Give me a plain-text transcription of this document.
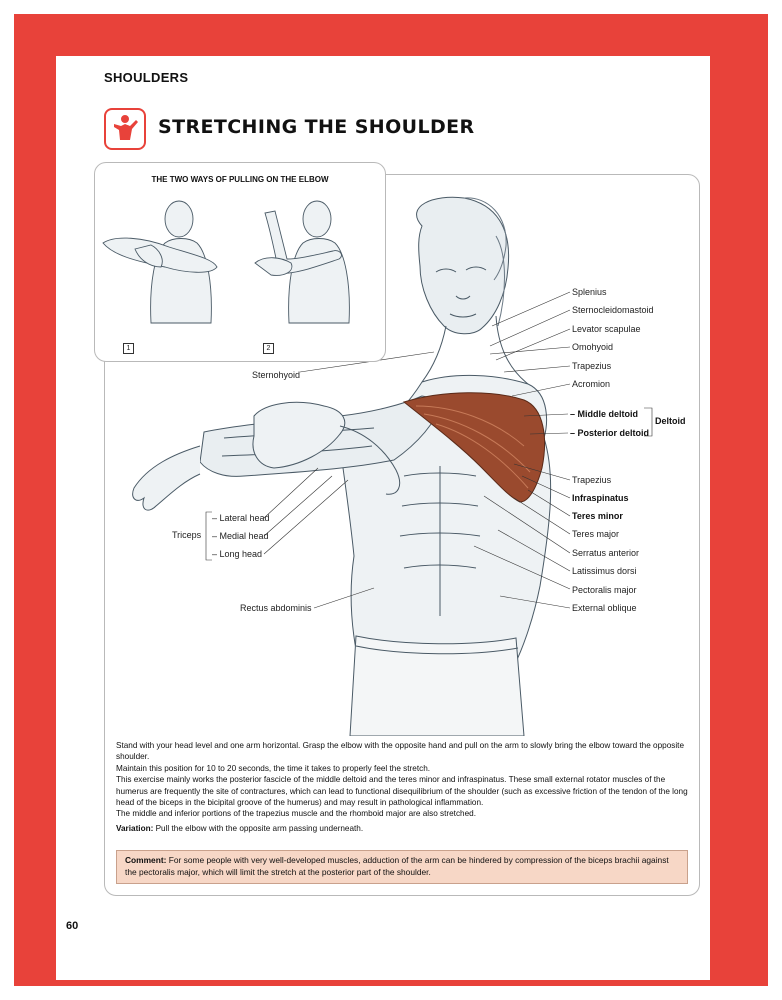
SHOULDERS
STRETCHING THE SHOULDER
THE TWO WAYS OF PULLING ON THE ELBOW
1	2
Splenius
Sternocleidomastoid
Levator scapulae
Omohyoid
Trapezius
Acromion
– Middle deltoid
– Posterior deltoid
Deltoid
Trapezius
Infraspinatus
Teres minor
Teres major
Serratus anterior
Latissimus dorsi
Pectoralis major
External oblique
Sternohyoid
Triceps
– Lateral head
– Medial head
– Long head
Rectus abdominis

Stand with your head level and one arm horizontal. Grasp the elbow with the opposite hand and pull on the arm to slowly bring the elbow toward the opposite shoulder.

Maintain this position for 10 to 20 seconds, the time it takes to properly feel the stretch.

This exercise mainly works the posterior fascicle of the middle deltoid and the teres minor and infraspinatus. These small external rotator muscles of the humerus are frequently the site of contractures, which can lead to functional disequilibrium of the shoulder (such as excessive friction of the tendon of the long head of the biceps in the bicipital groove of the humerus) and may result in pathological inflammation.

The middle and inferior portions of the trapezius muscle and the rhomboid major are also stretched.

Variation: Pull the elbow with the opposite arm passing underneath.

Comment: For some people with very well-developed muscles, adduction of the arm can be hindered by compression of the biceps brachii against the pectoralis major, which will limit the stretch at the posterior part of the shoulder.
60
